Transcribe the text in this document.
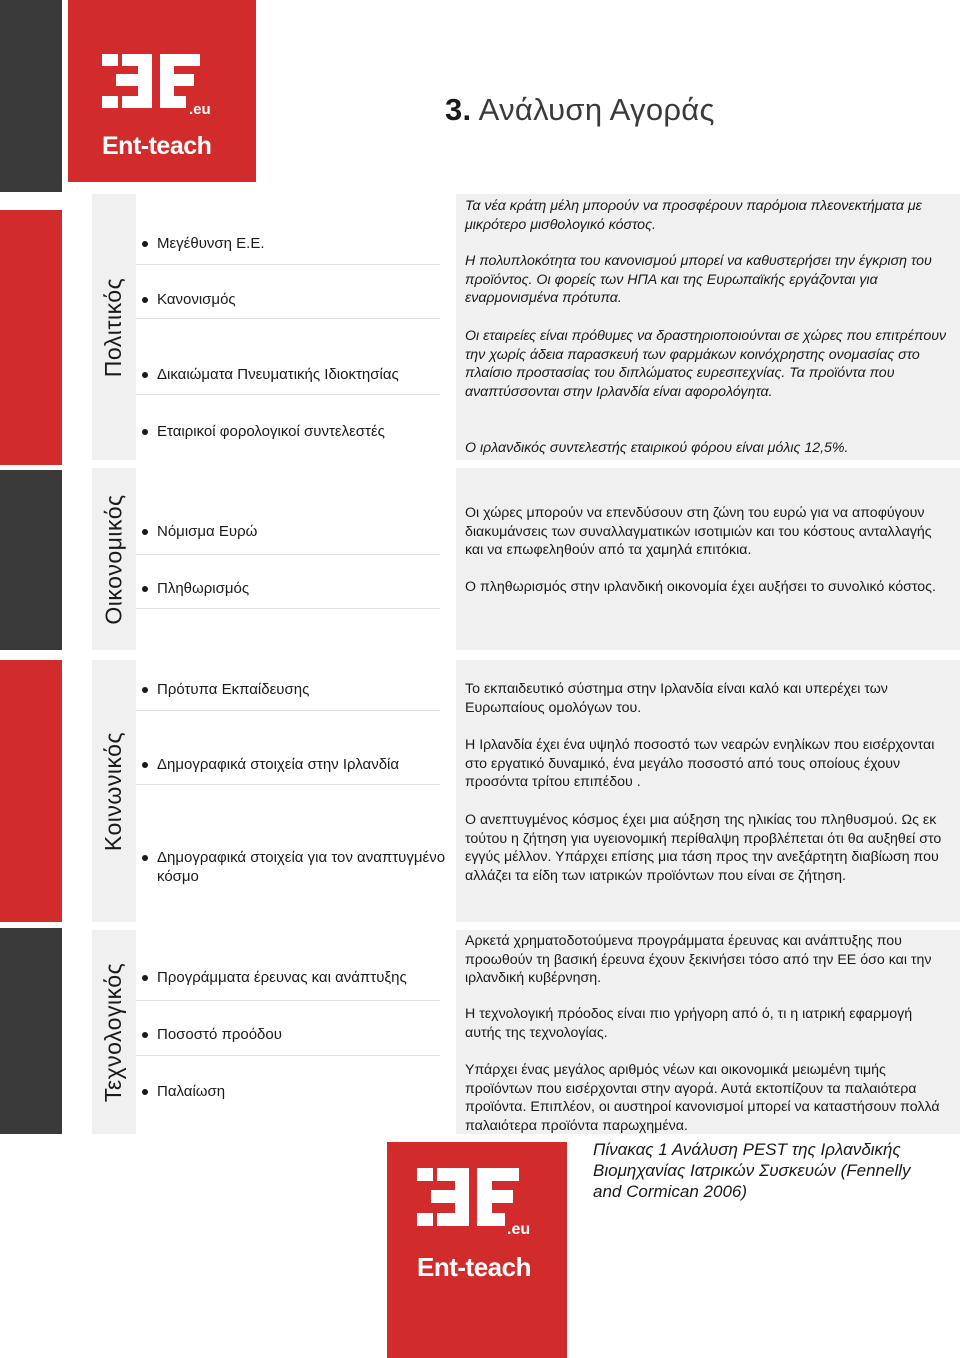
.eu
Ent-teach
3. Ανάλυση Αγοράς
Πολιτικός
Μεγέθυνση Ε.Ε.
Κανονισμός
Δικαιώματα Πνευματικής Ιδιοκτησίας
Εταιρικοί φορολογικοί συντελεστές
Τα νέα κράτη μέλη μπορούν να προσφέρουν παρόμοια πλεονεκτήματα με μικρότερο μισθολογικό κόστος.
Η πολυπλοκότητα του κανονισμού μπορεί να καθυστερήσει την έγκριση του προϊόντος. Οι φορείς των ΗΠΑ και της Ευρωπαϊκής εργάζονται για εναρμονισμένα πρότυπα.
Οι εταιρείες είναι πρόθυμες να δραστηριοποιούνται σε χώρες που επιτρέπουν την χωρίς άδεια παρασκευή των φαρμάκων κοινόχρηστης ονομασίας στο πλαίσιο προστασίας του διπλώματος ευρεσιτεχνίας. Τα προϊόντα που αναπτύσσονται στην Ιρλανδία είναι αφορολόγητα.
Ο ιρλανδικός συντελεστής εταιρικού φόρου είναι μόλις 12,5%.
Οικονομικός	Νόμισμα Ευρώ
Πληθωρισμός
Οι χώρες μπορούν να επενδύσουν στη ζώνη του ευρώ για να αποφύγουν διακυμάνσεις των συναλλαγματικών ισοτιμιών και του κόστους ανταλλαγής και να επωφεληθούν από τα χαμηλά επιτόκια.
Ο πληθωρισμός στην ιρλανδική οικονομία έχει αυξήσει το συνολικό κόστος.
Κοινωνικός
Πρότυπα Εκπαίδευσης
Δημογραφικά στοιχεία στην Ιρλανδία
Δημογραφικά στοιχεία για τον αναπτυγμένο κόσμο
Το εκπαιδευτικό σύστημα στην Ιρλανδία είναι καλό και υπερέχει των Ευρωπαίους ομολόγων του.
Η Ιρλανδία έχει ένα υψηλό ποσοστό των νεαρών ενηλίκων που εισέρχονται στο εργατικό δυναμικό, ένα μεγάλο ποσοστό από τους οποίους έχουν προσόντα τρίτου επιπέδου .
Ο ανεπτυγμένος κόσμος έχει μια αύξηση της ηλικίας του πληθυσμού. Ως εκ τούτου η ζήτηση για υγειονομική περίθαλψη προβλέπεται ότι θα αυξηθεί στο εγγύς μέλλον. Υπάρχει επίσης μια τάση προς την ανεξάρτητη διαβίωση που αλλάζει τα είδη των ιατρικών προϊόντων που είναι σε ζήτηση.
Τεχνολογικός	Προγράμματα έρευνας και ανάπτυξης
Ποσοστό προόδου
Παλαίωση
Αρκετά χρηματοδοτούμενα προγράμματα έρευνας και ανάπτυξης που προωθούν τη βασική έρευνα έχουν ξεκινήσει τόσο από την ΕΕ όσο και την ιρλανδική κυβέρνηση.
Η τεχνολογική πρόοδος είναι πιο γρήγορη από ό, τι η ιατρική εφαρμογή αυτής της τεχνολογίας.
Υπάρχει ένας μεγάλος αριθμός νέων και οικονομικά μειωμένη τιμής προϊόντων που εισέρχονται στην αγορά. Αυτά εκτοπίζουν τα παλαιότερα προϊόντα. Επιπλέον, οι αυστηροί κανονισμοί μπορεί να καταστήσουν πολλά παλαιότερα προϊόντα παρωχημένα.
.eu
Ent-teach
Πίνακας 1 Ανάλυση PEST της Ιρλανδικής Βιομηχανίας Ιατρικών Συσκευών (Fennelly and Cormican 2006)
